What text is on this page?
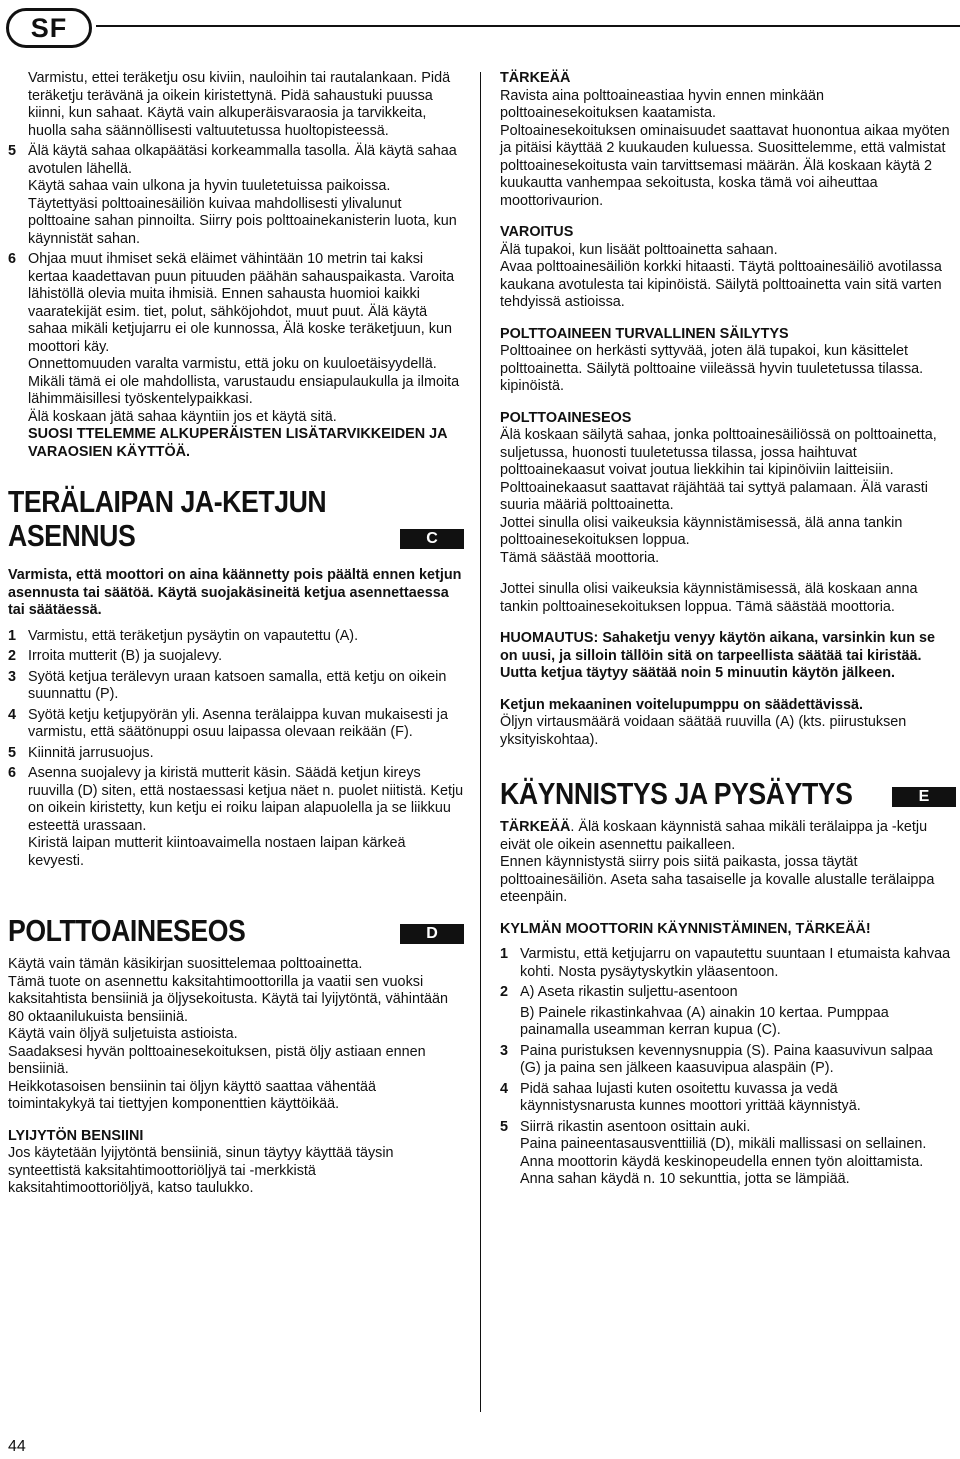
SF

Varmistu, ettei teräketju osu kiviin, nauloihin tai rautalankaan. Pidä teräketju terävänä ja oikein kiristettynä. Pidä sahaustuki puussa kiinni, kun sahaat. Käytä vain alkuperäisvaraosia ja tarvikkeita, huolla saha säännöllisesti valtuutetussa huoltopisteessä.

5 Älä käytä sahaa olkapäätäsi korkeammalla tasolla. Älä käytä sahaa avotulen lähellä.

Käytä sahaa vain ulkona ja hyvin tuuletetuissa paikoissa.

Täytettyäsi polttoainesäiliön kuivaa mahdollisesti ylivalunut polttoaine sahan pinnoilta. Siirry pois polttoainekanisterin luota, kun käynnistät sahan.

6 Ohjaa muut ihmiset sekä eläimet vähintään 10 metrin tai kaksi kertaa kaadettavan puun pituuden päähän sahauspaikasta. Varoita lähistöllä olevia muita ihmisiä. Ennen sahausta huomioi kaikki vaaratekijät esim. tiet, polut, sähköjohdot, muut puut. Älä käytä sahaa mikäli ketjujarru ei ole kunnossa, Älä koske teräketjuun, kun moottori käy.

Onnettomuuden varalta varmistu, että joku on kuuloetäisyydellä. Mikäli tämä ei ole mahdollista, varustaudu ensiapulaukulla ja ilmoita lähimmäisillesi työskentelypaikkasi.

Älä koskaan jätä sahaa käyntiin jos et käytä sitä.

SUOSI TTELEMME ALKUPERÄISTEN LISÄTARVIKKEIDEN JA VARAOSIEN KÄYTTÖÄ.

TERÄLAIPAN JA-KETJUN
ASENNUS	C

Varmista, että moottori on aina käännetty pois päältä ennen ketjun asennusta tai säätöä. Käytä suojakäsineitä ketjua asennettaessa tai säätäessä.

1 Varmistu, että teräketjun pysäytin on vapautettu (A).
2 Irroita mutterit (B) ja suojalevy.
3 Syötä ketjua terälevyn uraan katsoen samalla, että ketju on oikein suunnattu (P).
4 Syötä ketju ketjupyörän yli. Asenna terälaippa kuvan mukaisesti ja varmistu, että säätönuppi osuu laipassa olevaan reikään (F).
5 Kiinnitä jarrusuojus.
6 Asenna suojalevy ja kiristä mutterit käsin. Säädä ketjun kireys ruuvilla (D) siten, että nostaessasi ketjua näet n. puolet niitistä. Ketju on oikein kiristetty, kun ketju ei roiku laipan alapuolella ja se liikkuu esteettä urassaan.

Kiristä laipan mutterit kiintoavaimella nostaen laipan kärkeä kevyesti.

POLTTOAINESEOS	D

Käytä vain tämän käsikirjan suosittelemaa polttoainetta.

Tämä tuote on asennettu kaksitahtimoottorilla ja vaatii sen vuoksi kaksitahtista bensiiniä ja öljysekoitusta. Käytä tai lyijytöntä, vähintään 80 oktaanilukuista bensiiniä.

Käytä vain öljyä suljetuista astioista.

Saadaksesi hyvän polttoainesekoituksen, pistä öljy astiaan ennen bensiiniä.

Heikkotasoisen bensiinin tai öljyn käyttö saattaa vähentää toimintakykyä tai tiettyjen komponenttien käyttöikää.

LYIJYTÖN BENSIINI

Jos käytetään lyijytöntä bensiiniä, sinun täytyy käyttää täysin synteettistä kaksitahtimoottoriöljyä tai -merkkistä kaksitahtimoottoriöljyä, katso taulukko.

TÄRKEÄÄ

Ravista aina polttoaineastiaa hyvin ennen minkään polttoainesekoituksen kaatamista.

Poltoainesekoituksen ominaisuudet saattavat huonontua aikaa myöten ja pitäisi käyttää 2 kuukauden kuluessa. Suosittelemme, että valmistat polttoainesekoitusta vain tarvittsemasi määrän. Älä koskaan käytä 2 kuukautta vanhempaa sekoitusta, koska tämä voi aiheuttaa moottorivaurion.

VAROITUS

Älä tupakoi, kun lisäät polttoainetta sahaan.

Avaa polttoainesäiliön korkki hitaasti. Täytä polttoainesäiliö avotilassa kaukana avotulesta tai kipinöistä. Säilytä polttoainetta vain sitä varten tehdyissä astioissa.

POLTTOAINEEN TURVALLINEN SÄILYTYS

Polttoainee on herkästi syttyvää, joten älä tupakoi, kun käsittelet polttoainetta. Säilytä polttoaine viileässä hyvin tuuletetussa tilassa. kipinöistä.

POLTTOAINESEOS

Älä koskaan säilytä sahaa, jonka polttoainesäiliössä on polttoainetta, suljetussa, huonosti tuuletetussa tilassa, jossa haihtuvat polttoainekaasut voivat joutua liekkihin tai kipinöiviin laitteisiin. Polttoainekaasut saattavat räjähtää tai syttyä palamaan. Älä varasti suuria määriä polttoainetta.

Jottei sinulla olisi vaikeuksia käynnistämisessä, älä anna tankin polttoainesekoituksen loppua.

Tämä säästää moottoria.

Jottei sinulla olisi vaikeuksia käynnistämisessä, älä koskaan anna tankin polttoainesekoituksen loppua. Tämä säästää moottoria.

HUOMAUTUS: Sahaketju venyy käytön aikana, varsinkin kun se on uusi, ja silloin tällöin sitä on tarpeellista säätää tai kiristää.

Uutta ketjua täytyy säätää noin 5 minuutin käytön jälkeen.

Ketjun mekaaninen voitelupumppu on säädettävissä.

Öljyn virtausmäärä voidaan säätää ruuvilla (A) (kts. piirustuksen yksityiskohtaa).

KÄYNNISTYS JA PYSÄYTYS	E

TÄRKEÄÄ. Älä koskaan käynnistä sahaa mikäli terälaippa ja -ketju eivät ole oikein asennettu paikalleen.

Ennen käynnistystä siirry pois siitä paikasta, jossa täytät polttoainesäiliön. Aseta saha tasaiselle ja kovalle alustalle terälaippa eteenpäin.

KYLMÄN MOOTTORIN KÄYNNISTÄMINEN, TÄRKEÄÄ!

1 Varmistu, että ketjujarru on vapautettu suuntaan I etumaista kahvaa kohti. Nosta pysäytyskytkin yläasentoon.
2 A) Aseta rikastin suljettu-asentoon
B) Painele rikastinkahvaa (A) ainakin 10 kertaa. Pumppaa painamalla useamman kerran kupua (C).
3 Paina puristuksen kevennysnuppia (S). Paina kaasuvivun salpaa (G) ja paina sen jälkeen kaasuvipua alaspäin (P).
4 Pidä sahaa lujasti kuten osoitettu kuvassa ja vedä käynnistysnarusta kunnes moottori yrittää käynnistyä.
5 Siirrä rikastin asentoon osittain auki.

Paina paineentasausventtiiliä (D), mikäli mallissasi on sellainen. Anna moottorin käydä keskinopeudella ennen työn aloittamista. Anna sahan käydä n. 10 sekunttia, jotta se lämpiää.

44
